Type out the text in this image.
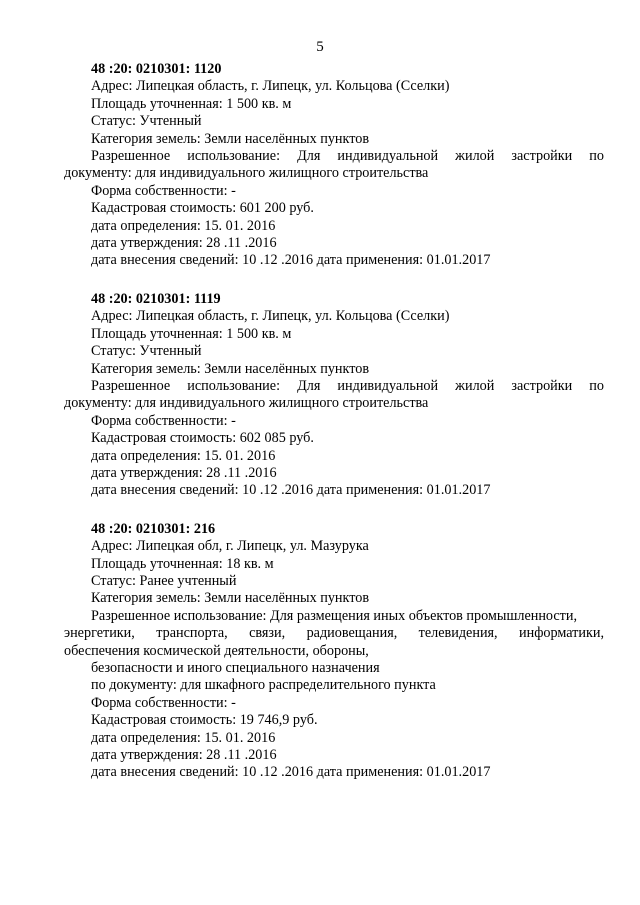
5
48 :20: 0210301: 1120
Адрес: Липецкая область, г. Липецк, ул. Кольцова (Сселки)
Площадь уточненная: 1 500 кв. м
Статус: Учтенный
Категория земель: Земли населённых пунктов
Разрешенное использование: Для индивидуальной жилой застройки по
документу: для индивидуального жилищного строительства
Форма собственности: -
Кадастровая стоимость: 601 200 руб.
дата определения: 15. 01. 2016
дата утверждения: 28 .11 .2016
дата внесения сведений: 10 .12 .2016 дата применения: 01.01.2017
48 :20: 0210301: 1119
Адрес: Липецкая область, г. Липецк, ул. Кольцова (Сселки)
Площадь уточненная: 1 500 кв. м
Статус: Учтенный
Категория земель: Земли населённых пунктов
Разрешенное использование: Для индивидуальной жилой застройки по
документу: для индивидуального жилищного строительства
Форма собственности: -
Кадастровая стоимость: 602 085 руб.
дата определения: 15. 01. 2016
дата утверждения: 28 .11 .2016
дата внесения сведений: 10 .12 .2016 дата применения: 01.01.2017
48 :20: 0210301: 216
Адрес: Липецкая обл, г. Липецк, ул. Мазурука
Площадь уточненная: 18 кв. м
Статус: Ранее учтенный
Категория земель: Земли населённых пунктов
Разрешенное использование: Для размещения иных объектов промышленности,
энергетики, транспорта, связи, радиовещания, телевидения, информатики,
обеспечения космической деятельности, обороны,
безопасности и иного специального назначения
по документу: для шкафного распределительного пункта
Форма собственности: -
Кадастровая стоимость: 19 746,9 руб.
дата определения: 15. 01. 2016
дата утверждения: 28 .11 .2016
дата внесения сведений: 10 .12 .2016 дата применения: 01.01.2017
